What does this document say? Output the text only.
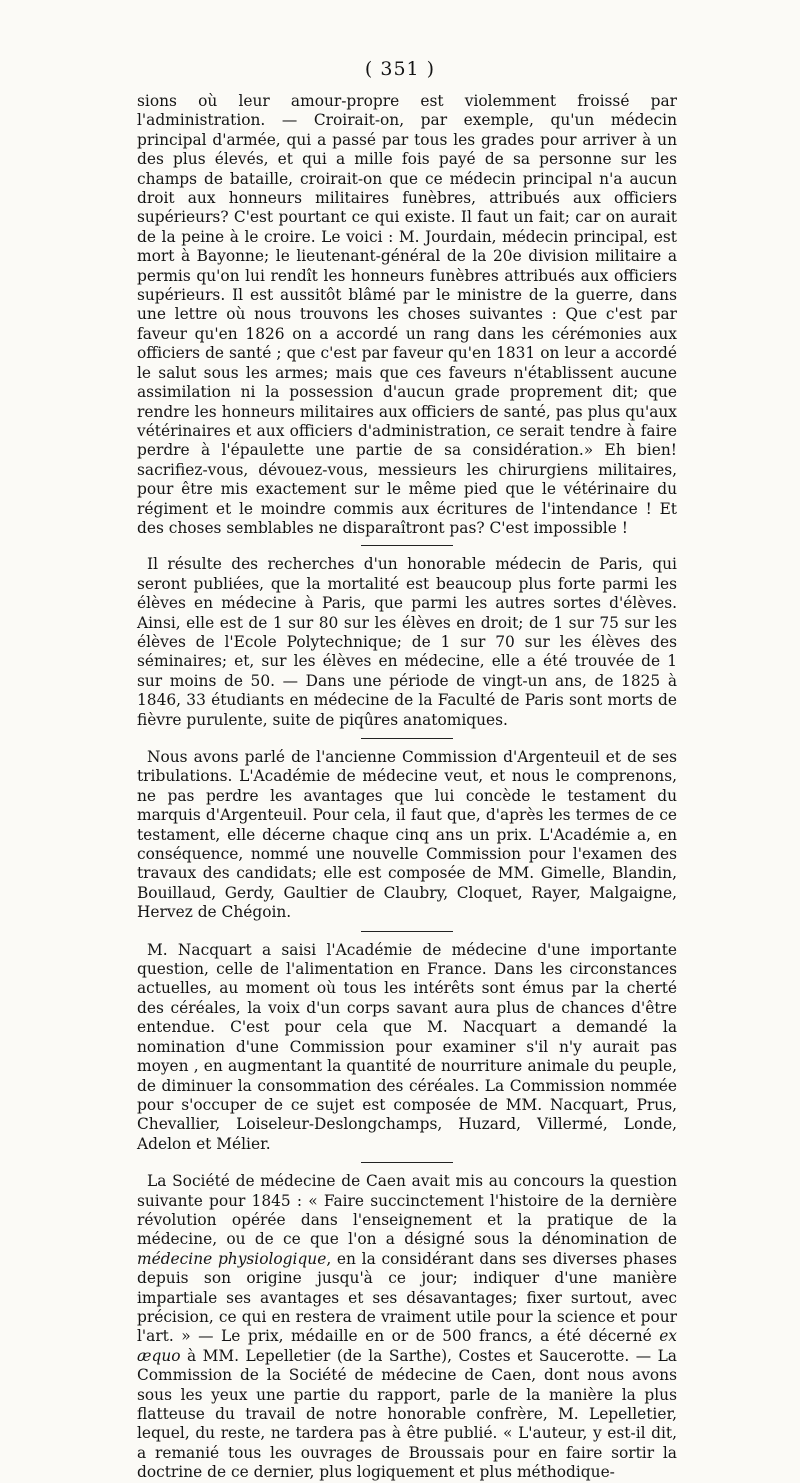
( 351 )

sions où leur amour-propre est violemment froissé par l'administration. — Croirait-on, par exemple, qu'un médecin principal d'armée, qui a passé par tous les grades pour arriver à un des plus élevés, et qui a mille fois payé de sa personne sur les champs de bataille, croirait-on que ce médecin principal n'a aucun droit aux honneurs militaires funèbres, attribués aux officiers supérieurs? C'est pourtant ce qui existe. Il faut un fait; car on aurait de la peine à le croire. Le voici : M. Jourdain, médecin principal, est mort à Bayonne; le lieutenant-général de la 20e division militaire a permis qu'on lui rendît les honneurs funèbres attribués aux officiers supérieurs. Il est aussitôt blâmé par le ministre de la guerre, dans une lettre où nous trouvons les choses suivantes : Que c'est par faveur qu'en 1826 on a accordé un rang dans les cérémonies aux officiers de santé ; que c'est par faveur qu'en 1831 on leur a accordé le salut sous les armes; mais que ces faveurs n'établissent aucune assimilation ni la possession d'aucun grade proprement dit; que rendre les honneurs militaires aux officiers de santé, pas plus qu'aux vétérinaires et aux officiers d'administration, ce serait tendre à faire perdre à l'épaulette une partie de sa considération.» Eh bien! sacrifiez-vous, dévouez-vous, messieurs les chirurgiens militaires, pour être mis exactement sur le même pied que le vétérinaire du régiment et le moindre commis aux écritures de l'intendance ! Et des choses semblables ne disparaîtront pas? C'est impossible !

Il résulte des recherches d'un honorable médecin de Paris, qui seront publiées, que la mortalité est beaucoup plus forte parmi les élèves en médecine à Paris, que parmi les autres sortes d'élèves. Ainsi, elle est de 1 sur 80 sur les élèves en droit; de 1 sur 75 sur les élèves de l'Ecole Polytechnique; de 1 sur 70 sur les élèves des séminaires; et, sur les élèves en médecine, elle a été trouvée de 1 sur moins de 50. — Dans une période de vingt-un ans, de 1825 à 1846, 33 étudiants en médecine de la Faculté de Paris sont morts de fièvre purulente, suite de piqûres anatomiques.

Nous avons parlé de l'ancienne Commission d'Argenteuil et de ses tribulations. L'Académie de médecine veut, et nous le comprenons, ne pas perdre les avantages que lui concède le testament du marquis d'Argenteuil. Pour cela, il faut que, d'après les termes de ce testament, elle décerne chaque cinq ans un prix. L'Académie a, en conséquence, nommé une nouvelle Commission pour l'examen des travaux des candidats; elle est composée de MM. Gimelle, Blandin, Bouillaud, Gerdy, Gaultier de Claubry, Cloquet, Rayer, Malgaigne, Hervez de Chégoin.

M. Nacquart a saisi l'Académie de médecine d'une importante question, celle de l'alimentation en France. Dans les circonstances actuelles, au moment où tous les intérêts sont émus par la cherté des céréales, la voix d'un corps savant aura plus de chances d'être entendue. C'est pour cela que M. Nacquart a demandé la nomination d'une Commission pour examiner s'il n'y aurait pas moyen , en augmentant la quantité de nourriture animale du peuple, de diminuer la consommation des céréales. La Commission nommée pour s'occuper de ce sujet est composée de MM. Nacquart, Prus, Chevallier, Loiseleur-Deslongchamps, Huzard, Villermé, Londe, Adelon et Mélier.

La Société de médecine de Caen avait mis au concours la question suivante pour 1845 : « Faire succinctement l'histoire de la dernière révolution opérée dans l'enseignement et la pratique de la médecine, ou de ce que l'on a désigné sous la dénomination de médecine physiologique, en la considérant dans ses diverses phases depuis son origine jusqu'à ce jour; indiquer d'une manière impartiale ses avantages et ses désavantages; fixer surtout, avec précision, ce qui en restera de vraiment utile pour la science et pour l'art. » — Le prix, médaille en or de 500 francs, a été décerné ex æquo à MM. Lepelletier (de la Sarthe), Costes et Saucerotte. — La Commission de la Société de médecine de Caen, dont nous avons sous les yeux une partie du rapport, parle de la manière la plus flatteuse du travail de notre honorable confrère, M. Lepelletier, lequel, du reste, ne tardera pas à être publié. « L'auteur, y est-il dit, a remanié tous les ouvrages de Broussais pour en faire sortir la doctrine de ce dernier, plus logiquement et plus méthodique-
